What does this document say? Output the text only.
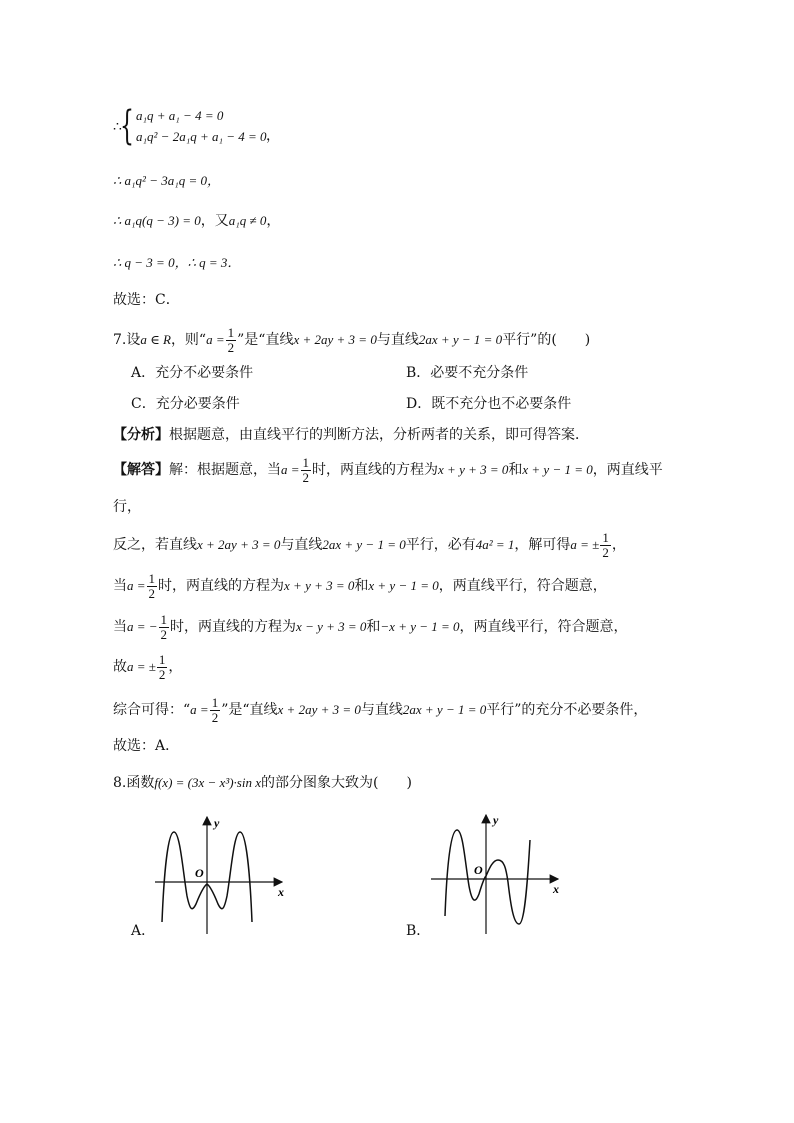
∴
{ a₁q + a₁ − 4 = 0
a₁q² − 2a₁q + a₁ − 4 = 0 ，
∴ a₁q² − 3a₁q = 0，
∴ a₁q(q − 3) = 0，又a₁q ≠ 0，
∴ q − 3 = 0，∴ q = 3．
故选：C．
7.设a ∈ R，则“$a = \frac{1}{2}$ ”是“直线x + 2ay + 3 = 0与直线2ax + y − 1 = 0平行”的(　　)
A．充分不必要条件	B．必要不充分条件
C．充分必要条件	D．既不充分也不必要条件
【分析】根据题意，由直线平行的判断方法，分析两者的关系，即可得答案．
【解答】解：根据题意，当$a = \frac{1}{2}$ 时，两直线的方程为x + y + 3 = 0和x + y − 1 = 0，两直线平
行，
反之，若直线x + 2ay + 3 = 0与直线2ax + y − 1 = 0平行，必有4a² = 1，解可得a = ± $\frac{1}{2}$ ，
当$a = \frac{1}{2}$ 时，两直线的方程为x + y + 3 = 0和x + y − 1 = 0，两直线平行，符合题意，
当a = − $\frac{1}{2}$ 时，两直线的方程为x − y + 3 = 0和−x + y − 1 = 0，两直线平行，符合题意，
故a = ± $\frac{1}{2}$ ，
综合可得：“$a = \frac{1}{2}$ ”是“直线x + 2ay + 3 = 0与直线2ax + y − 1 = 0平行”的充分不必要条件，
故选：A．
8.函数f(x) = (3x − x³)·sin x的部分图象大致为(　　)
y
x
O
A．
y
x
O
B．
